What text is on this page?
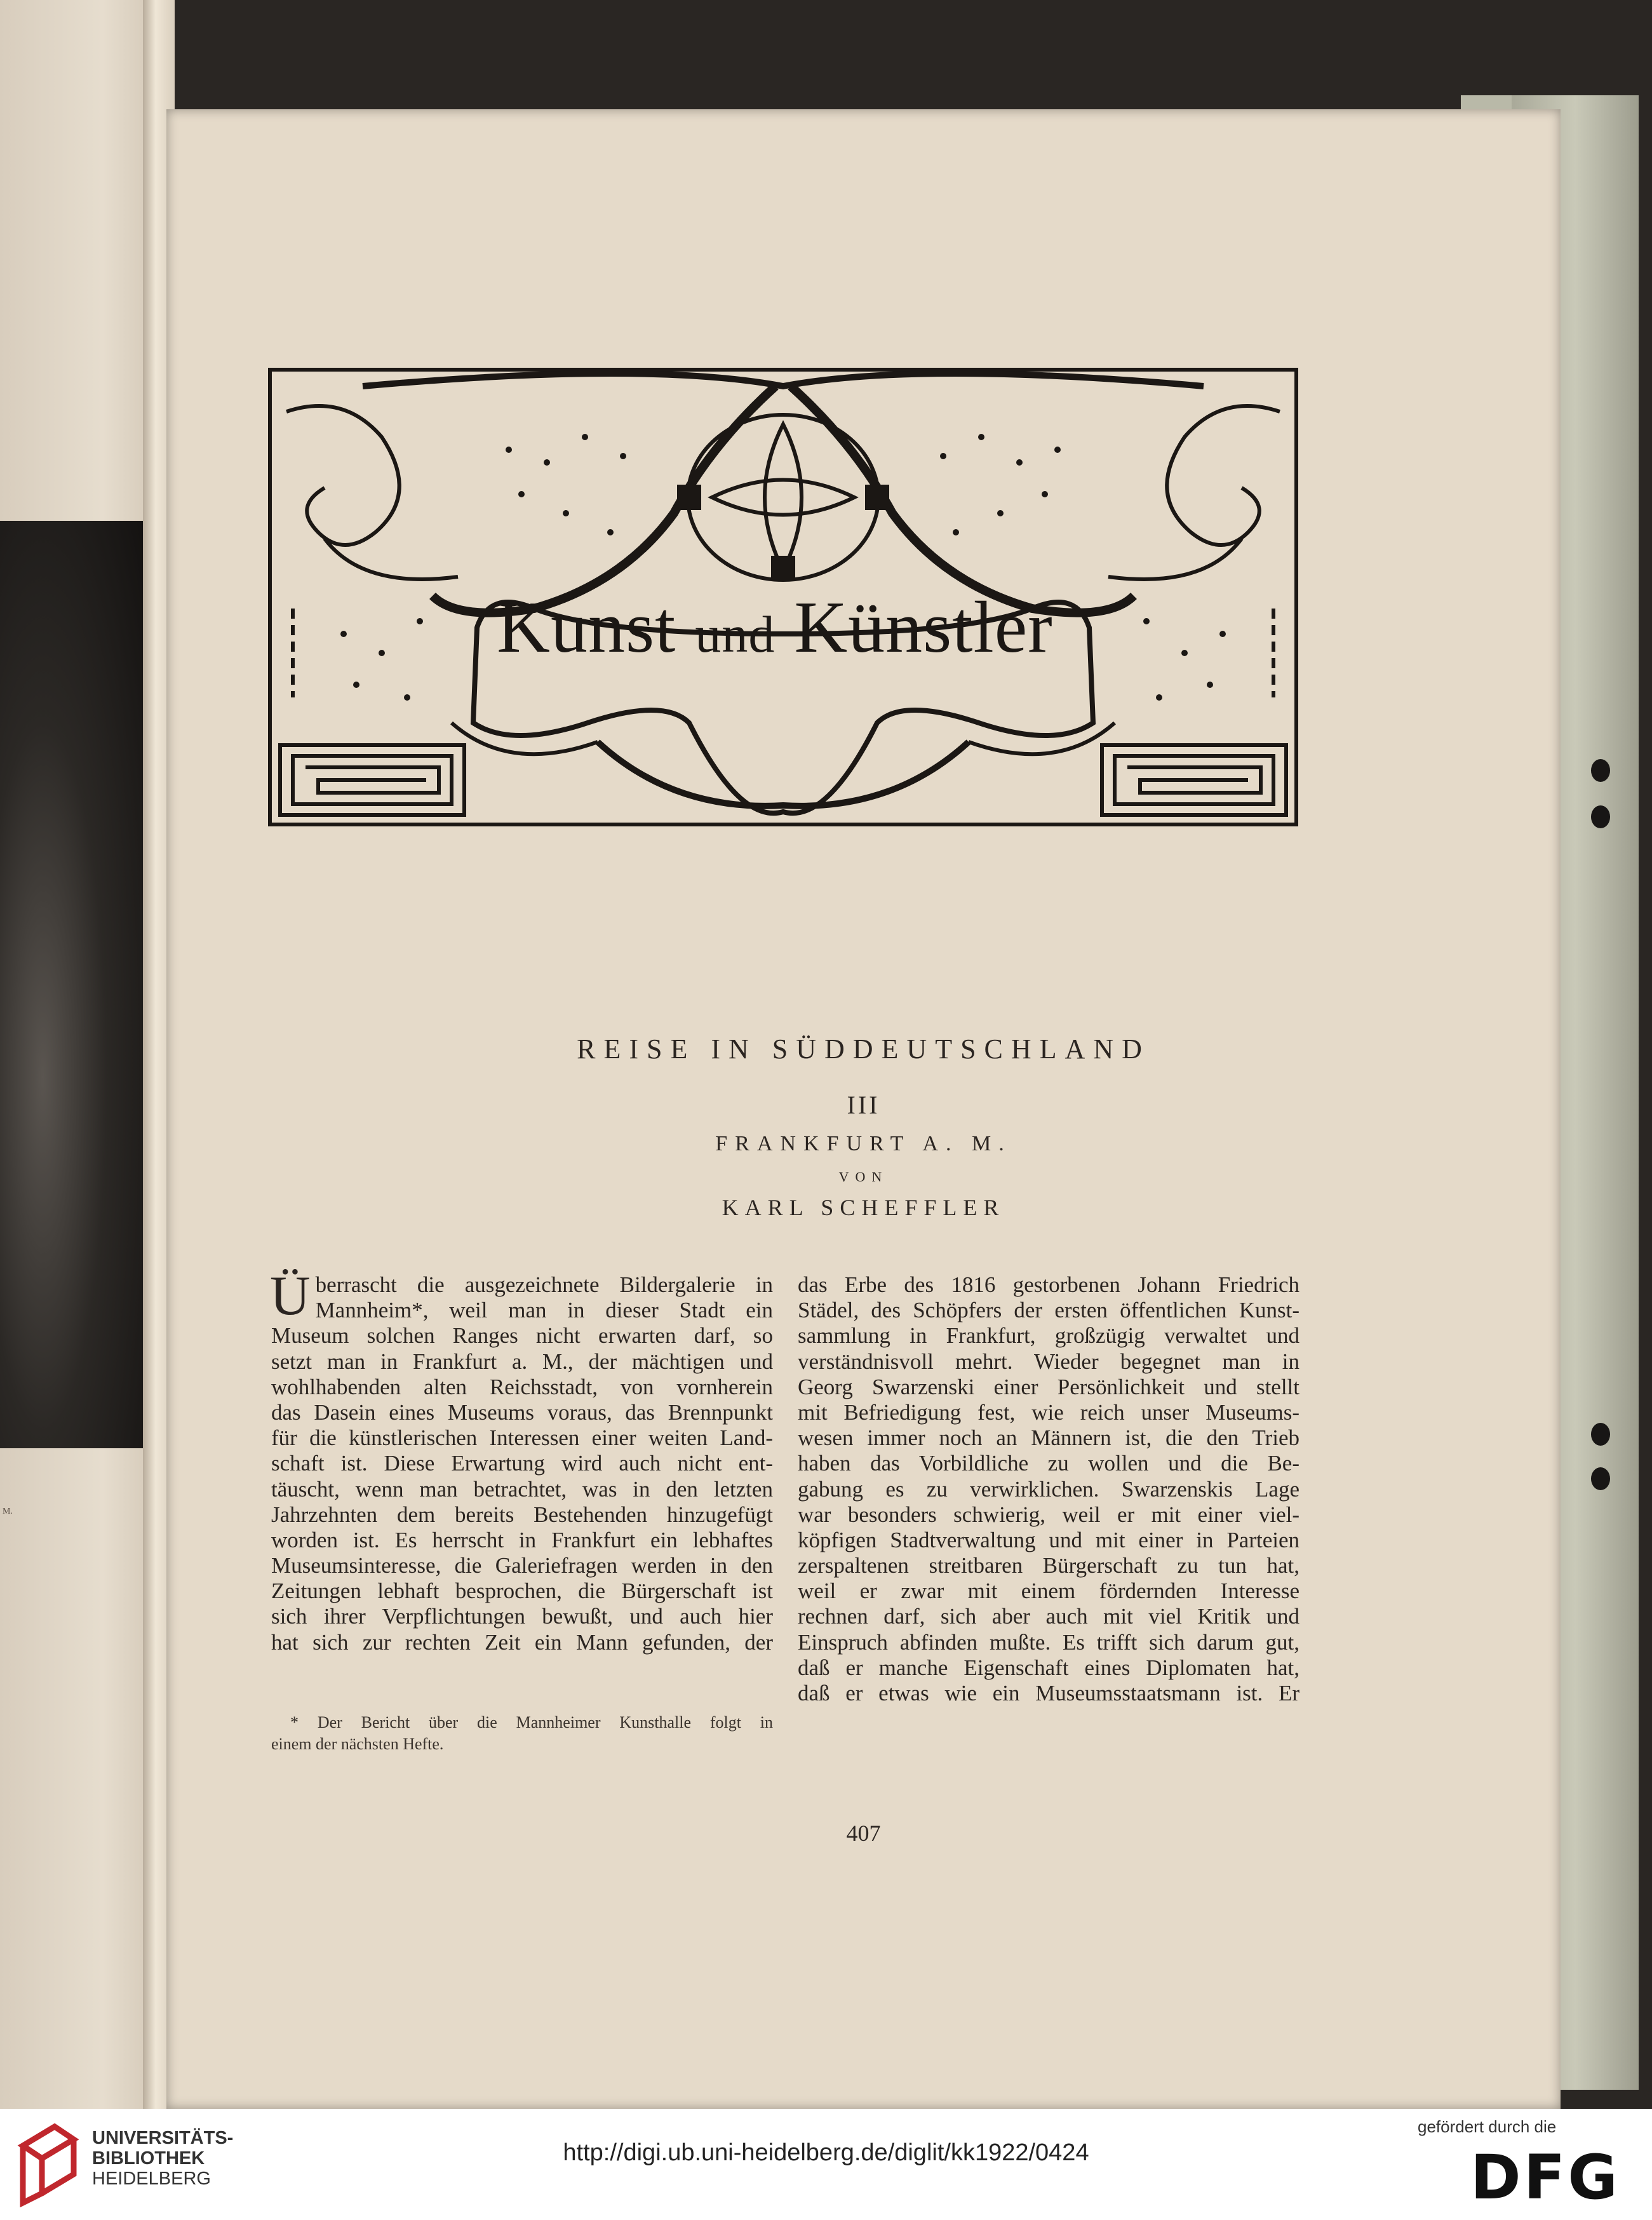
M.
Kunst und Künstler
REISE IN SÜDDEUTSCHLAND
III
FRANKFURT A. M.
VON
KARL SCHEFFLER
Ü berrascht die ausgezeichnete Bildergalerie in
Mannheim*, weil man in dieser Stadt ein
Museum solchen Ranges nicht erwarten darf, so
setzt man in Frankfurt a. M., der mächtigen und
wohlhabenden alten Reichsstadt, von vornherein
das Dasein eines Museums voraus, das Brennpunkt
für die künstlerischen Interessen einer weiten Land-
schaft ist. Diese Erwartung wird auch nicht ent-
täuscht, wenn man betrachtet, was in den letzten
Jahrzehnten dem bereits Bestehenden hinzugefügt
worden ist. Es herrscht in Frankfurt ein lebhaftes
Museumsinteresse, die Galeriefragen werden in den
Zeitungen lebhaft besprochen, die Bürgerschaft ist
sich ihrer Verpflichtungen bewußt, und auch hier
hat sich zur rechten Zeit ein Mann gefunden, der
* Der Bericht über die Mannheimer Kunsthalle folgt in
einem der nächsten Hefte.
das Erbe des 1816 gestorbenen Johann Friedrich
Städel, des Schöpfers der ersten öffentlichen Kunst-
sammlung in Frankfurt, großzügig verwaltet und
verständnisvoll mehrt. Wieder begegnet man in
Georg Swarzenski einer Persönlichkeit und stellt
mit Befriedigung fest, wie reich unser Museums-
wesen immer noch an Männern ist, die den Trieb
haben das Vorbildliche zu wollen und die Be-
gabung es zu verwirklichen. Swarzenskis Lage
war besonders schwierig, weil er mit einer viel-
köpfigen Stadtverwaltung und mit einer in Parteien
zerspaltenen streitbaren Bürgerschaft zu tun hat,
weil er zwar mit einem fördernden Interesse
rechnen darf, sich aber auch mit viel Kritik und
Einspruch abfinden mußte. Es trifft sich darum gut,
daß er manche Eigenschaft eines Diplomaten hat,
daß er etwas wie ein Museumsstaatsmann ist. Er
407
UNIVERSITÄTS-
BIBLIOTHEK
HEIDELBERG
http://digi.ub.uni-heidelberg.de/diglit/kk1922/0424
gefördert durch die
DFG
